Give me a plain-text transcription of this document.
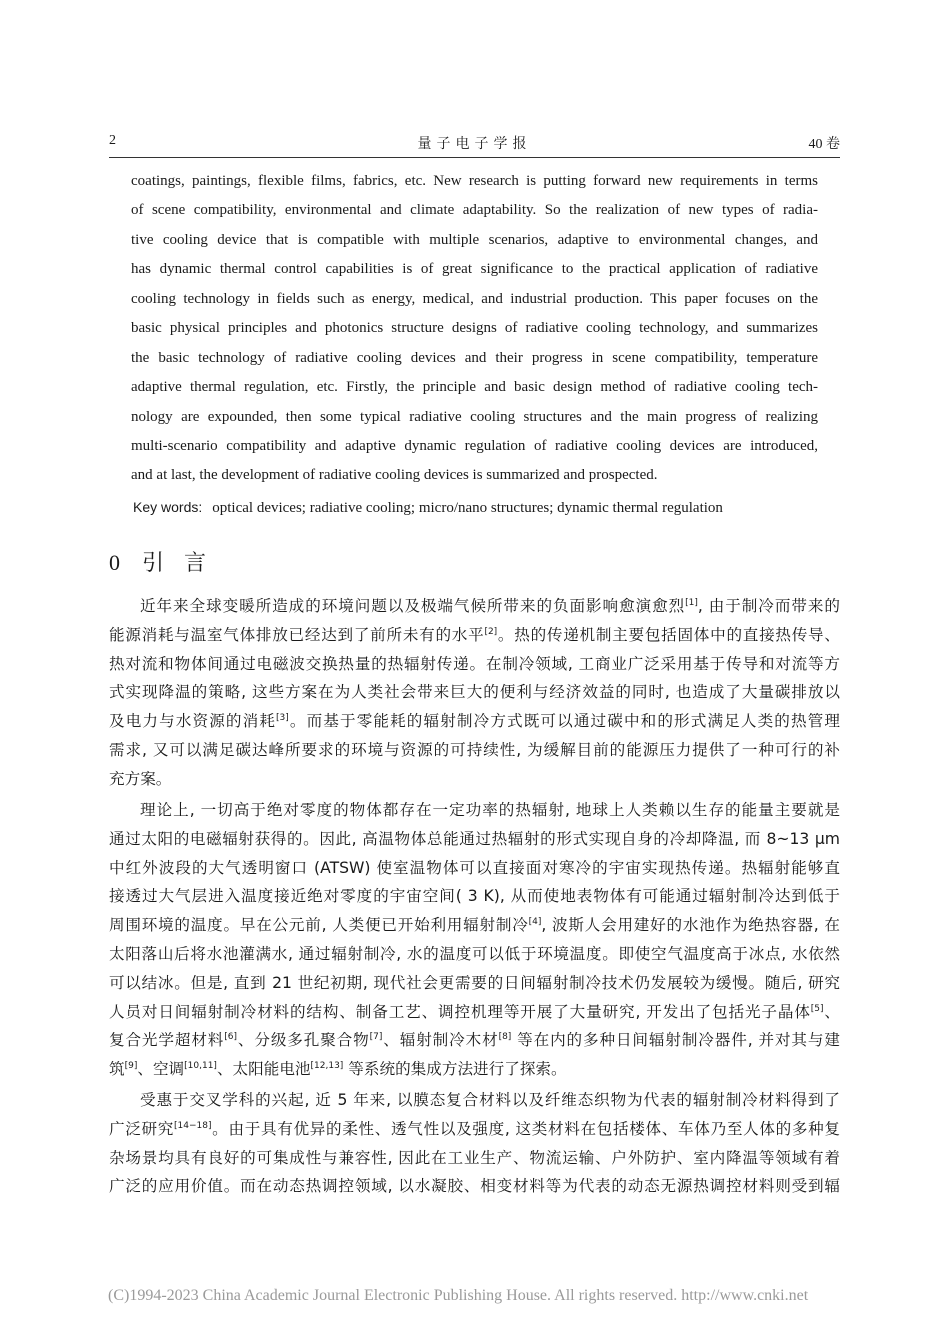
2	量子电子学报	40 卷
coatings, paintings, flexible films, fabrics, etc. New research is putting forward new requirements in terms
of scene compatibility, environmental and climate adaptability. So the realization of new types of radia-
tive cooling device that is compatible with multiple scenarios, adaptive to environmental changes, and
has dynamic thermal control capabilities is of great significance to the practical application of radiative
cooling technology in fields such as energy, medical, and industrial production. This paper focuses on the
basic physical principles and photonics structure designs of radiative cooling technology, and summarizes
the basic technology of radiative cooling devices and their progress in scene compatibility, temperature
adaptive thermal regulation, etc. Firstly, the principle and basic design method of radiative cooling tech-
nology are expounded, then some typical radiative cooling structures and the main progress of realizing
multi-scenario compatibility and adaptive dynamic regulation of radiative cooling devices are introduced,
and at last, the development of radiative cooling devices is summarized and prospected.
Key words: optical devices; radiative cooling; micro/nano structures; dynamic thermal regulation
0 引言
近年来全球变暖所造成的环境问题以及极端气候所带来的负面影响愈演愈烈[1], 由于制冷而带来的
能源消耗与温室气体排放已经达到了前所未有的水平[2]。热的传递机制主要包括固体中的直接热传导、
热对流和物体间通过电磁波交换热量的热辐射传递。在制冷领域, 工商业广泛采用基于传导和对流等方
式实现降温的策略, 这些方案在为人类社会带来巨大的便利与经济效益的同时, 也造成了大量碳排放以
及电力与水资源的消耗[3]。而基于零能耗的辐射制冷方式既可以通过碳中和的形式满足人类的热管理
需求, 又可以满足碳达峰所要求的环境与资源的可持续性, 为缓解目前的能源压力提供了一种可行的补
充方案。
理论上, 一切高于绝对零度的物体都存在一定功率的热辐射, 地球上人类赖以生存的能量主要就是
通过太阳的电磁辐射获得的。因此, 高温物体总能通过热辐射的形式实现自身的冷却降温, 而 8~13 μm
中红外波段的大气透明窗口 (ATSW) 使室温物体可以直接面对寒冷的宇宙实现热传递。热辐射能够直
接透过大气层进入温度接近绝对零度的宇宙空间( 3 K), 从而使地表物体有可能通过辐射制冷达到低于
周围环境的温度。早在公元前, 人类便已开始利用辐射制冷[4], 波斯人会用建好的水池作为绝热容器, 在
太阳落山后将水池灌满水, 通过辐射制冷, 水的温度可以低于环境温度。即使空气温度高于冰点, 水依然
可以结冰。但是, 直到 21 世纪初期, 现代社会更需要的日间辐射制冷技术仍发展较为缓慢。随后, 研究
人员对日间辐射制冷材料的结构、制备工艺、调控机理等开展了大量研究, 开发出了包括光子晶体[5]、
复合光学超材料[6]、分级多孔聚合物[7]、辐射制冷木材[8] 等在内的多种日间辐射制冷器件, 并对其与建
筑[9]、空调[10,11]、太阳能电池[12,13] 等系统的集成方法进行了探索。
受惠于交叉学科的兴起, 近 5 年来, 以膜态复合材料以及纤维态织物为代表的辐射制冷材料得到了
广泛研究[14−18]。由于具有优异的柔性、透气性以及强度, 这类材料在包括楼体、车体乃至人体的多种复
杂场景均具有良好的可集成性与兼容性, 因此在工业生产、物流运输、户外防护、室内降温等领域有着
广泛的应用价值。而在动态热调控领域, 以水凝胶、相变材料等为代表的动态无源热调控材料则受到辐
(C)1994-2023 China Academic Journal Electronic Publishing House. All rights reserved. http://www.cnki.net
